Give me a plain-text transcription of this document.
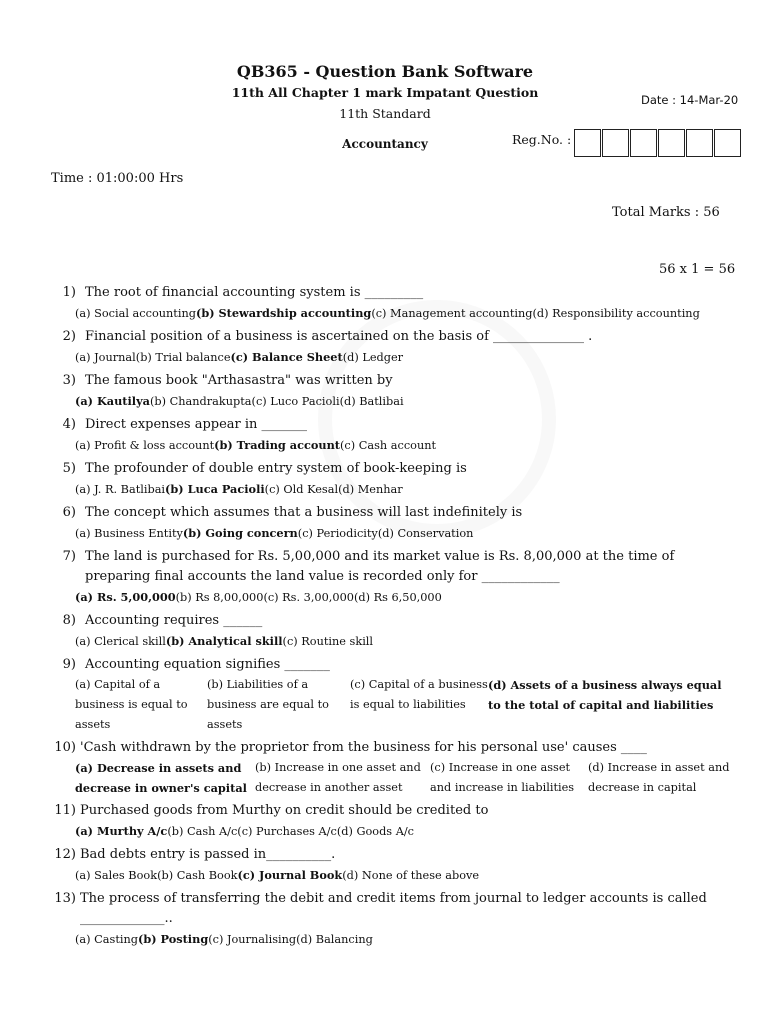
QB365 - Question Bank Software
11th All Chapter 1 mark Impatant Question
11th Standard
Accountancy
Date : 14-Mar-20
Reg.No. :
Time : 01:00:00 Hrs
Total Marks : 56
56 x 1 = 56
1) The root of financial accounting system is _________
(a) Social accounting(b) Stewardship accounting(c) Management accounting(d) Responsibility accounting
2) Financial position of a business is ascertained on the basis of ______________ .
(a) Journal(b) Trial balance(c) Balance Sheet(d) Ledger
3) The famous book "Arthasastra" was written by
(a) Kautilya(b) Chandrakupta(c) Luco Pacioli(d) Batlibai
4) Direct expenses appear in _______
(a) Profit & loss account(b) Trading account(c) Cash account
5) The profounder of double entry system of book-keeping is
(a) J. R. Batlibai(b) Luca Pacioli(c) Old Kesal(d) Menhar
6) The concept which assumes that a business will last indefinitely is
(a) Business Entity(b) Going concern(c) Periodicity(d) Conservation
7) The land is purchased for Rs. 5,00,000 and its market value is Rs. 8,00,000 at the time of preparing final accounts the land value is recorded only for ____________
(a) Rs. 5,00,000(b) Rs 8,00,000(c) Rs. 3,00,000(d) Rs 6,50,000
8) Accounting requires ______
(a) Clerical skill(b) Analytical skill(c) Routine skill
9) Accounting equation signifies _______
(a) Capital of a business is equal to assets
(b) Liabilities of a business are equal to assets
(c) Capital of a business is equal to liabilities
(d) Assets of a business always equal to the total of capital and liabilities
10) 'Cash withdrawn by the proprietor from the business for his personal use' causes ____
(a) Decrease in assets and decrease in owner's capital
(b) Increase in one asset and decrease in another asset
(c) Increase in one asset and increase in liabilities
(d) Increase in asset and decrease in capital
11) Purchased goods from Murthy on credit should be credited to
(a) Murthy A/c(b) Cash A/c(c) Purchases A/c(d) Goods A/c
12) Bad debts entry is passed in__________.
(a) Sales Book(b) Cash Book(c) Journal Book(d) None of these above
13) The process of transferring the debit and credit items from journal to ledger accounts is called _____________..
(a) Casting(b) Posting(c) Journalising(d) Balancing
